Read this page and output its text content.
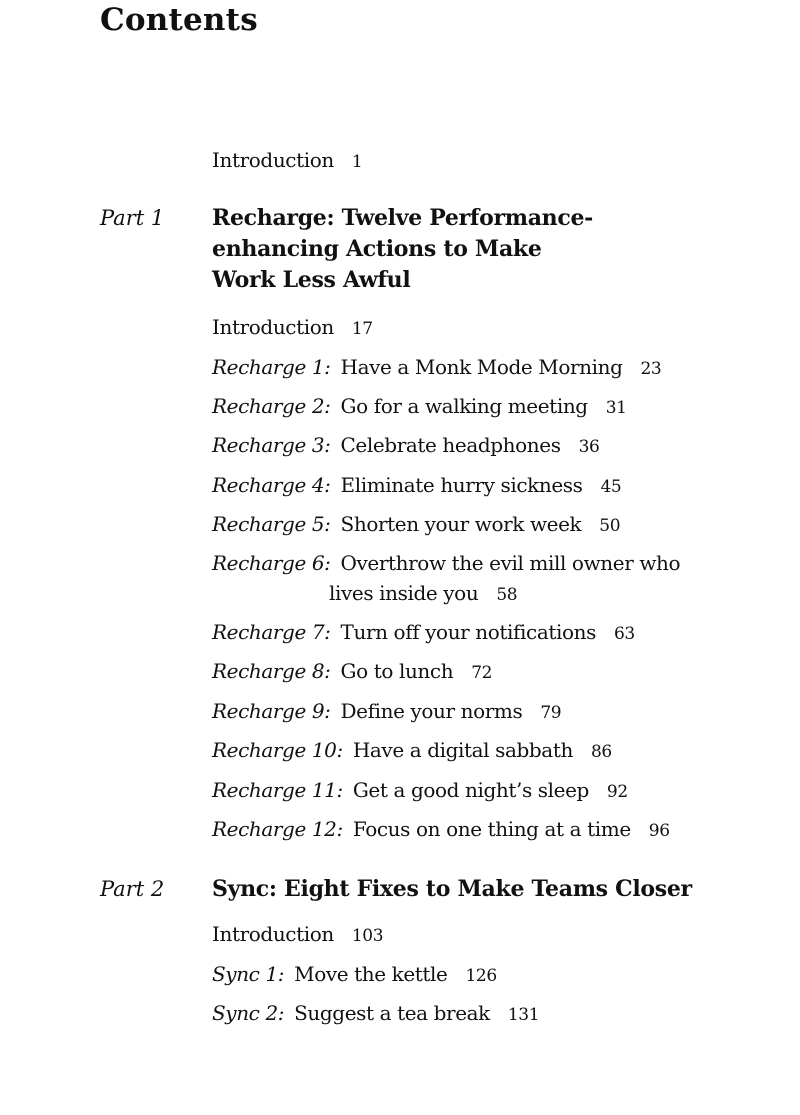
Contents
Introduction 1
Part 1 Recharge: Twelve Performance-
enhancing Actions to Make
Work Less Awful
Introduction 17
Recharge 1: Have a Monk Mode Morning 23
Recharge 2: Go for a walking meeting 31
Recharge 3: Celebrate headphones 36
Recharge 4: Eliminate hurry sickness 45
Recharge 5: Shorten your work week 50
Recharge 6: Overthrow the evil mill owner who
lives inside you 58
Recharge 7: Turn off your notifications 63
Recharge 8: Go to lunch 72
Recharge 9: Define your norms 79
Recharge 10: Have a digital sabbath 86
Recharge 11: Get a good night’s sleep 92
Recharge 12: Focus on one thing at a time 96
Part 2 Sync: Eight Fixes to Make Teams Closer
Introduction 103
Sync 1: Move the kettle 126
Sync 2: Suggest a tea break 131
